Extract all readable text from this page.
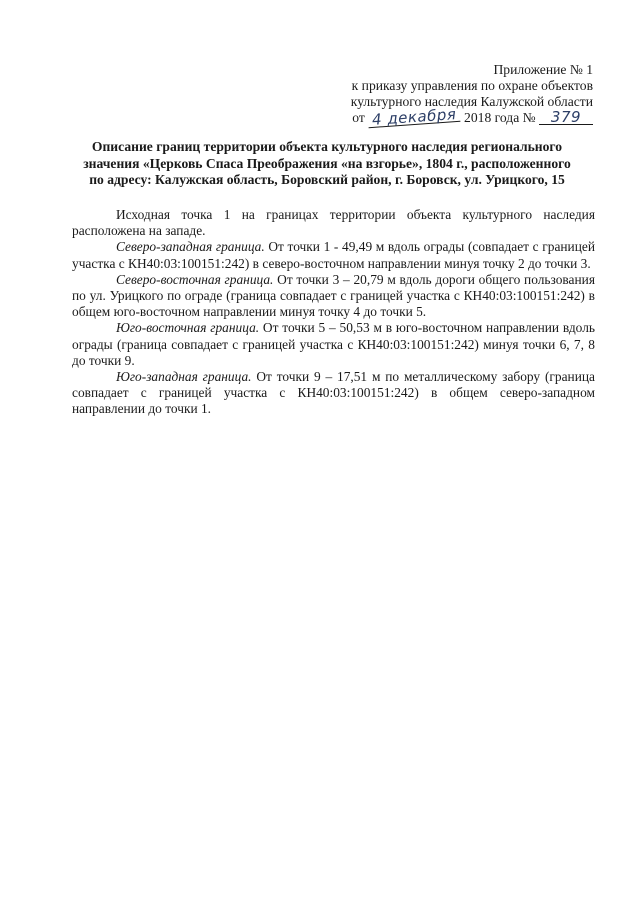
Приложение № 1
к приказу управления по охране объектов
культурного наследия Калужской области
от 4 декабря 2018 года № 379
Описание границ территории объекта культурного наследия регионального
значения «Церковь Спаса Преображения «на взгорье», 1804 г., расположенного
по адресу: Калужская область, Боровский район, г. Боровск, ул. Урицкого, 15

Исходная точка 1 на границах территории объекта культурного наследия расположена на западе.

Северо-западная граница. От точки 1 - 49,49 м вдоль ограды (совпадает с границей участка с КН40:03:100151:242) в северо-восточном направлении минуя точку 2 до точки 3.

Северо-восточная граница. От точки 3 – 20,79 м вдоль дороги общего пользования по ул. Урицкого по ограде (граница совпадает с границей участка с КН40:03:100151:242) в общем юго-восточном направлении минуя точку 4 до точки 5.

Юго-восточная граница. От точки 5 – 50,53 м в юго-восточном направлении вдоль ограды (граница совпадает с границей участка с КН40:03:100151:242) минуя точки 6, 7, 8 до точки 9.

Юго-западная граница. От точки 9 – 17,51 м по металлическому забору (граница совпадает с границей участка с КН40:03:100151:242) в общем северо-западном направлении до точки 1.
